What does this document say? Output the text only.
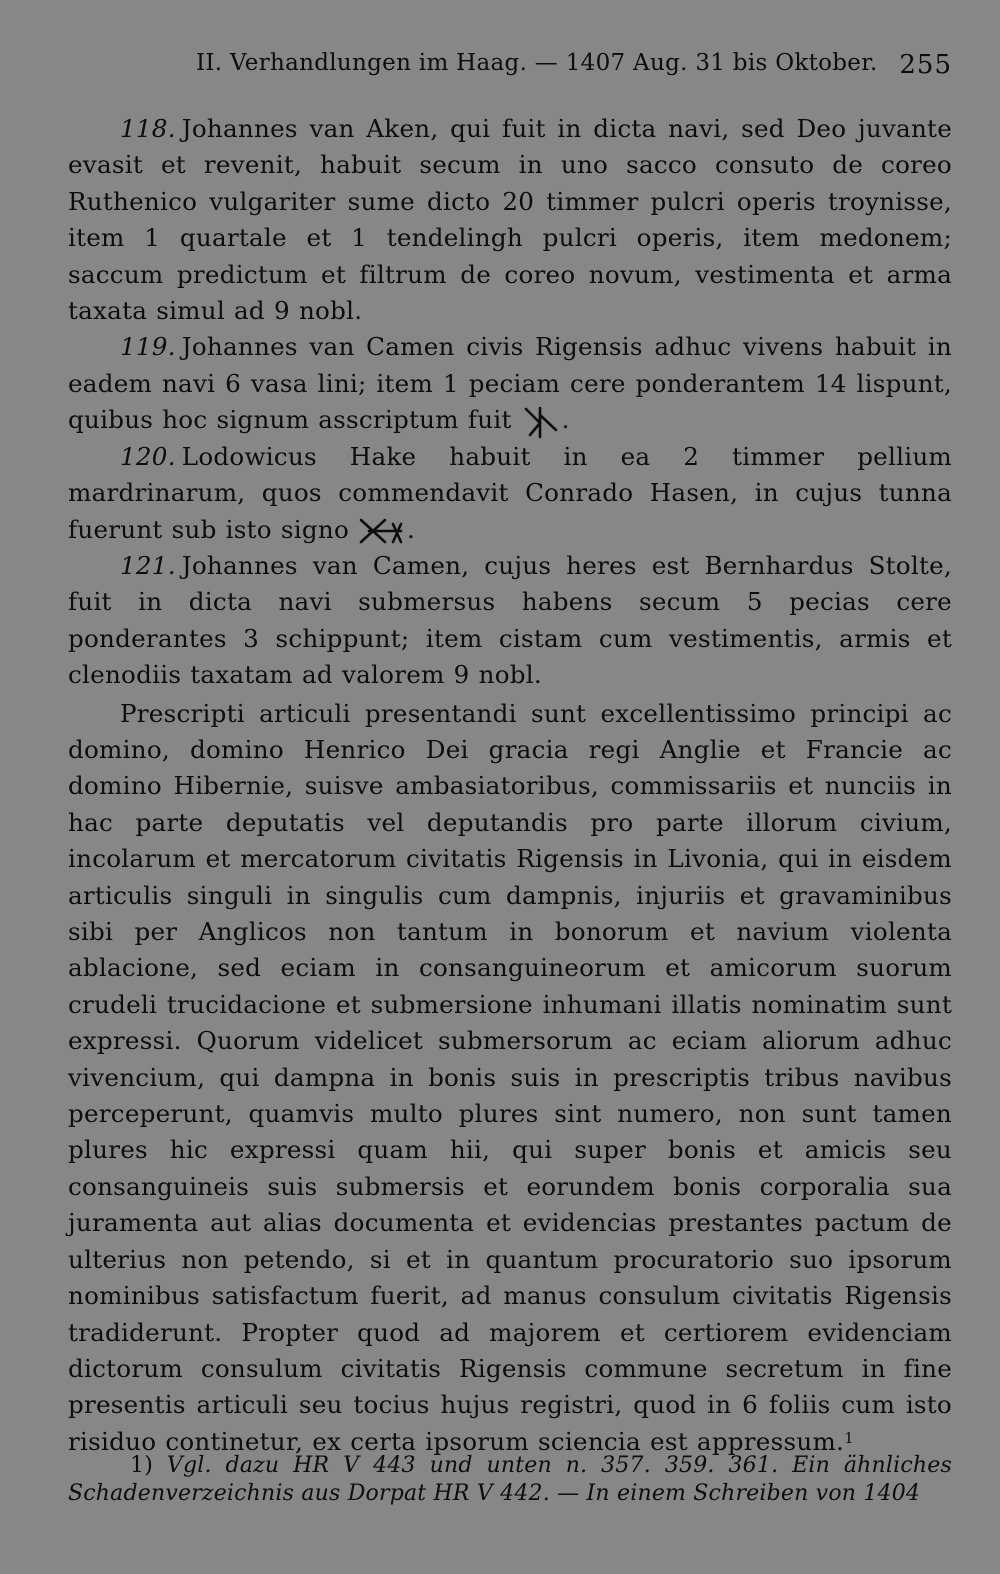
II. Verhandlungen im Haag. — 1407 Aug. 31 bis Oktober. 255

118. Johannes van Aken, qui fuit in dicta navi, sed Deo juvante evasit et revenit, habuit secum in uno sacco consuto de coreo Ruthenico vulgariter sume dicto 20 timmer pulcri operis troynisse, item 1 quartale et 1 tendelingh pulcri operis, item medonem; saccum predictum et filtrum de coreo novum, vestimenta et arma taxata simul ad 9 nobl.

119. Johannes van Camen civis Rigensis adhuc vivens habuit in eadem navi 6 vasa lini; item 1 peciam cere ponderantem 14 lispunt, quibus hoc signum asscriptum fuit .

120. Lodowicus Hake habuit in ea 2 timmer pellium mardrinarum, quos commendavit Conrado Hasen, in cujus tunna fuerunt sub isto signo .

121. Johannes van Camen, cujus heres est Bernhardus Stolte, fuit in dicta navi submersus habens secum 5 pecias cere ponderantes 3 schippunt; item cistam cum vestimentis, armis et clenodiis taxatam ad valorem 9 nobl.

Prescripti articuli presentandi sunt excellentissimo principi ac domino, domino Henrico Dei gracia regi Anglie et Francie ac domino Hibernie, suisve ambasiatoribus, commissariis et nunciis in hac parte deputatis vel deputandis pro parte illorum civium, incolarum et mercatorum civitatis Rigensis in Livonia, qui in eisdem articulis singuli in singulis cum dampnis, injuriis et gravaminibus sibi per Anglicos non tantum in bonorum et navium violenta ablacione, sed eciam in consanguineorum et amicorum suorum crudeli trucidacione et submersione inhumani illatis nominatim sunt expressi. Quorum videlicet submersorum ac eciam aliorum adhuc vivencium, qui dampna in bonis suis in prescriptis tribus navibus perceperunt, quamvis multo plures sint numero, non sunt tamen plures hic expressi quam hii, qui super bonis et amicis seu consanguineis suis submersis et eorundem bonis corporalia sua juramenta aut alias documenta et evidencias prestantes pactum de ulterius non petendo, si et in quantum procuratorio suo ipsorum nominibus satisfactum fuerit, ad manus consulum civitatis Rigensis tradiderunt. Propter quod ad majorem et certiorem evidenciam dictorum consulum civitatis Rigensis commune secretum in fine presentis articuli seu tocius hujus registri, quod in 6 foliis cum isto risiduo continetur, ex certa ipsorum sciencia est appressum.$^1$

1) Vgl. dazu HR V 443 und unten n. 357. 359. 361. Ein ähnliches Schadenverzeichnis aus Dorpat HR V 442. — In einem Schreiben von 1404
